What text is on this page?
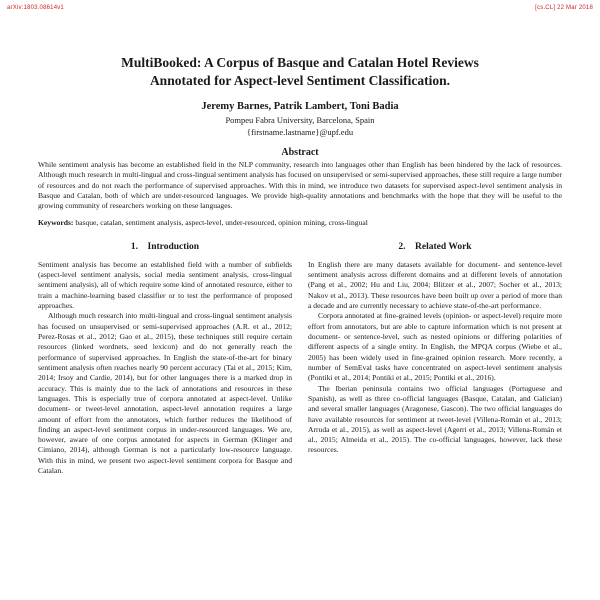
arXiv:1803.08614v1	[cs.CL] 22 Mar 2018
MultiBooked: A Corpus of Basque and Catalan Hotel Reviews
Annotated for Aspect-level Sentiment Classification.
Jeremy Barnes, Patrik Lambert, Toni Badia
Pompeu Fabra University, Barcelona, Spain
{firstname.lastname}@upf.edu
Abstract
While sentiment analysis has become an established field in the NLP community, research into languages other than English has been hindered by the lack of resources. Although much research in multi-lingual and cross-lingual sentiment analysis has focused on unsupervised or semi-supervised approaches, these still require a large number of resources and do not reach the performance of supervised approaches. With this in mind, we introduce two datasets for supervised aspect-level sentiment analysis in Basque and Catalan, both of which are under-resourced languages. We provide high-quality annotations and benchmarks with the hope that they will be useful to the growing community of researchers working on these languages.
Keywords: basque, catalan, sentiment analysis, aspect-level, under-resourced, opinion mining, cross-lingual
1. Introduction

Sentiment analysis has become an established field with a number of subfields (aspect-level sentiment analysis, social media sentiment analysis, cross-lingual sentiment analysis), all of which require some kind of annotated resource, either to train a machine-learning based classifier or to test the performance of proposed approaches.

Although much research into multi-lingual and cross-lingual sentiment analysis has focused on unsupervised or semi-supervised approaches (A.R. et al., 2012; Perez-Rosas et al., 2012; Gao et al., 2015), these techniques still require certain resources (linked wordnets, seed lexicon) and do not generally reach the performance of supervised approaches. In English the state-of-the-art for binary sentiment analysis often reaches nearly 90 percent accuracy (Tai et al., 2015; Kim, 2014; Irsoy and Cardie, 2014), but for other languages there is a marked drop in accuracy. This is mainly due to the lack of annotations and resources in these languages. This is especially true of corpora annotated at aspect-level. Unlike document- or tweet-level annotation, aspect-level annotation requires a large amount of effort from the annotators, which further reduces the likelihood of finding an aspect-level sentiment corpus in under-resourced languages. We are, however, aware of one corpus annotated for aspects in German (Klinger and Cimiano, 2014), although German is not a particularly low-resource language. With this in mind, we present two aspect-level sentiment corpora for Basque and Catalan.

2. Related Work

In English there are many datasets available for document- and sentence-level sentiment analysis across different domains and at different levels of annotation (Pang et al., 2002; Hu and Liu, 2004; Blitzer et al., 2007; Socher et al., 2013; Nakov et al., 2013). These resources have been built up over a period of more than a decade and are currently necessary to achieve state-of-the-art performance.

Corpora annotated at fine-grained levels (opinion- or aspect-level) require more effort from annotators, but are able to capture information which is not present at document- or sentence-level, such as nested opinions or differing polarities of different aspects of a single entity. In English, the MPQA corpus (Wiebe et al., 2005) has been widely used in fine-grained opinion research. More recently, a number of SemEval tasks have concentrated on aspect-level sentiment analysis (Pontiki et al., 2014; Pontiki et al., 2015; Pontiki et al., 2016).

The Iberian peninsula contains two official languages (Portuguese and Spanish), as well as three co-official languages (Basque, Catalan, and Galician) and several smaller languages (Aragonese, Gascon). The two official languages do have available resources for sentiment at tweet-level (Villena-Román et al., 2013; Arruda et al., 2015), as well as aspect-level (Agerri et al., 2013; Villena-Román et al., 2015; Almeida et al., 2015). The co-official languages, however, lack these resources.
